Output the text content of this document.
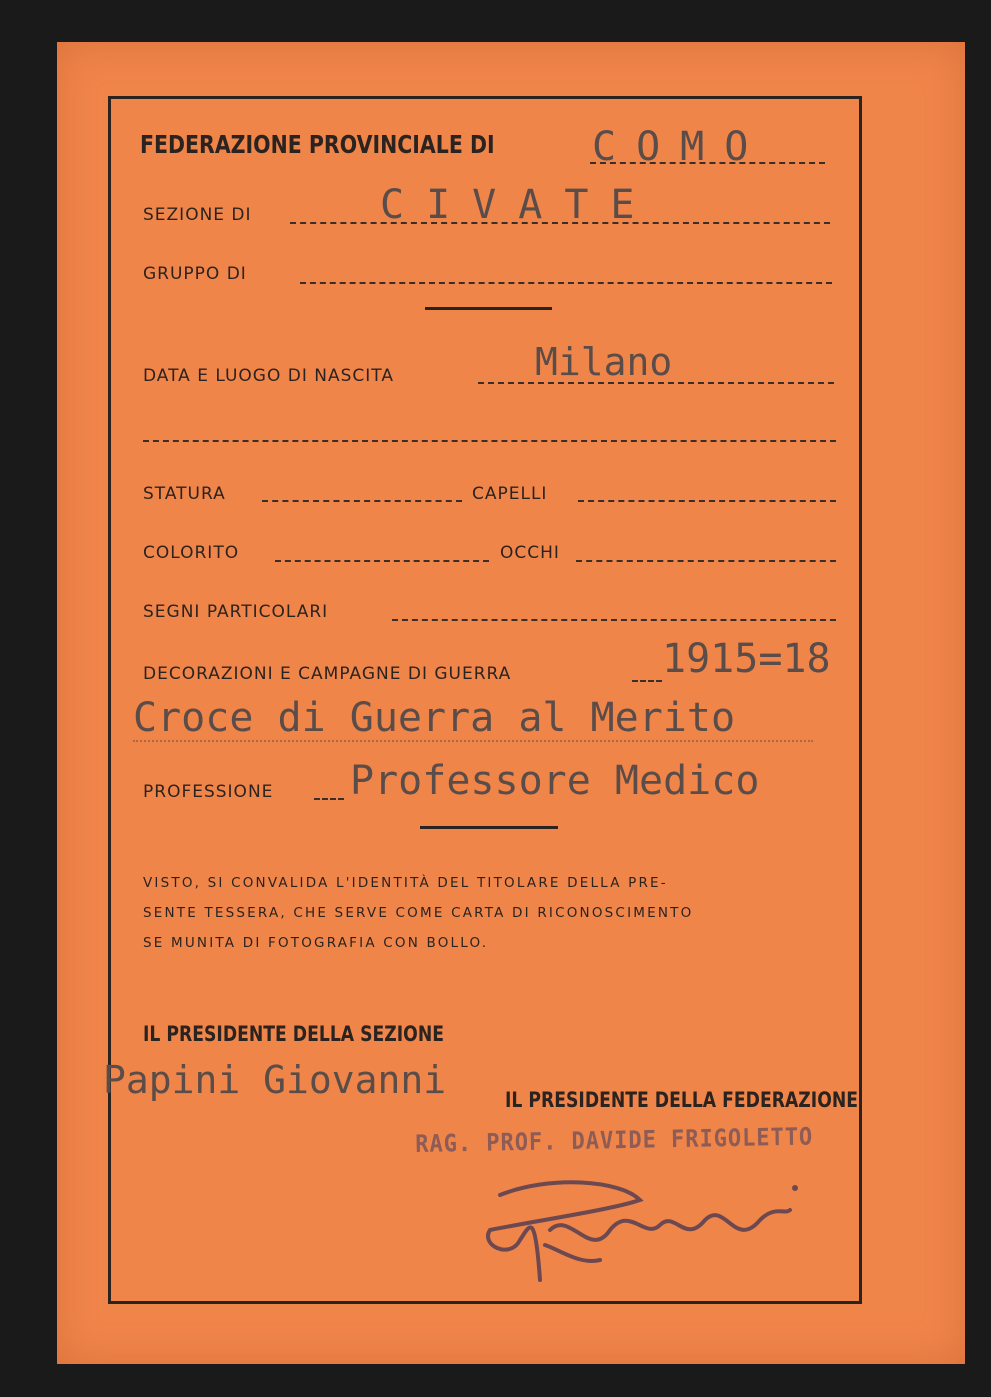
FEDERAZIONE PROVINCIALE DI COMO
SEZIONE DI	CIVATE
GRUPPO DI
DATA E LUOGO DI NASCITA	Milano
STATURA	CAPELLI
COLORITO	OCCHI
SEGNI PARTICOLARI
DECORAZIONI E CAMPAGNE DI GUERRA	1915=18
Croce di Guerra al Merito
PROFESSIONE Professore Medico
VISTO, SI CONVALIDA L'IDENTITÀ DEL TITOLARE DELLA PRE-
SENTE TESSERA, CHE SERVE COME CARTA DI RICONOSCIMENTO
SE MUNITA DI FOTOGRAFIA CON BOLLO.
IL PRESIDENTE DELLA SEZIONE
Papini Giovanni	IL PRESIDENTE DELLA FEDERAZIONE
RAG. PROF. DAVIDE FRIGOLETTO
